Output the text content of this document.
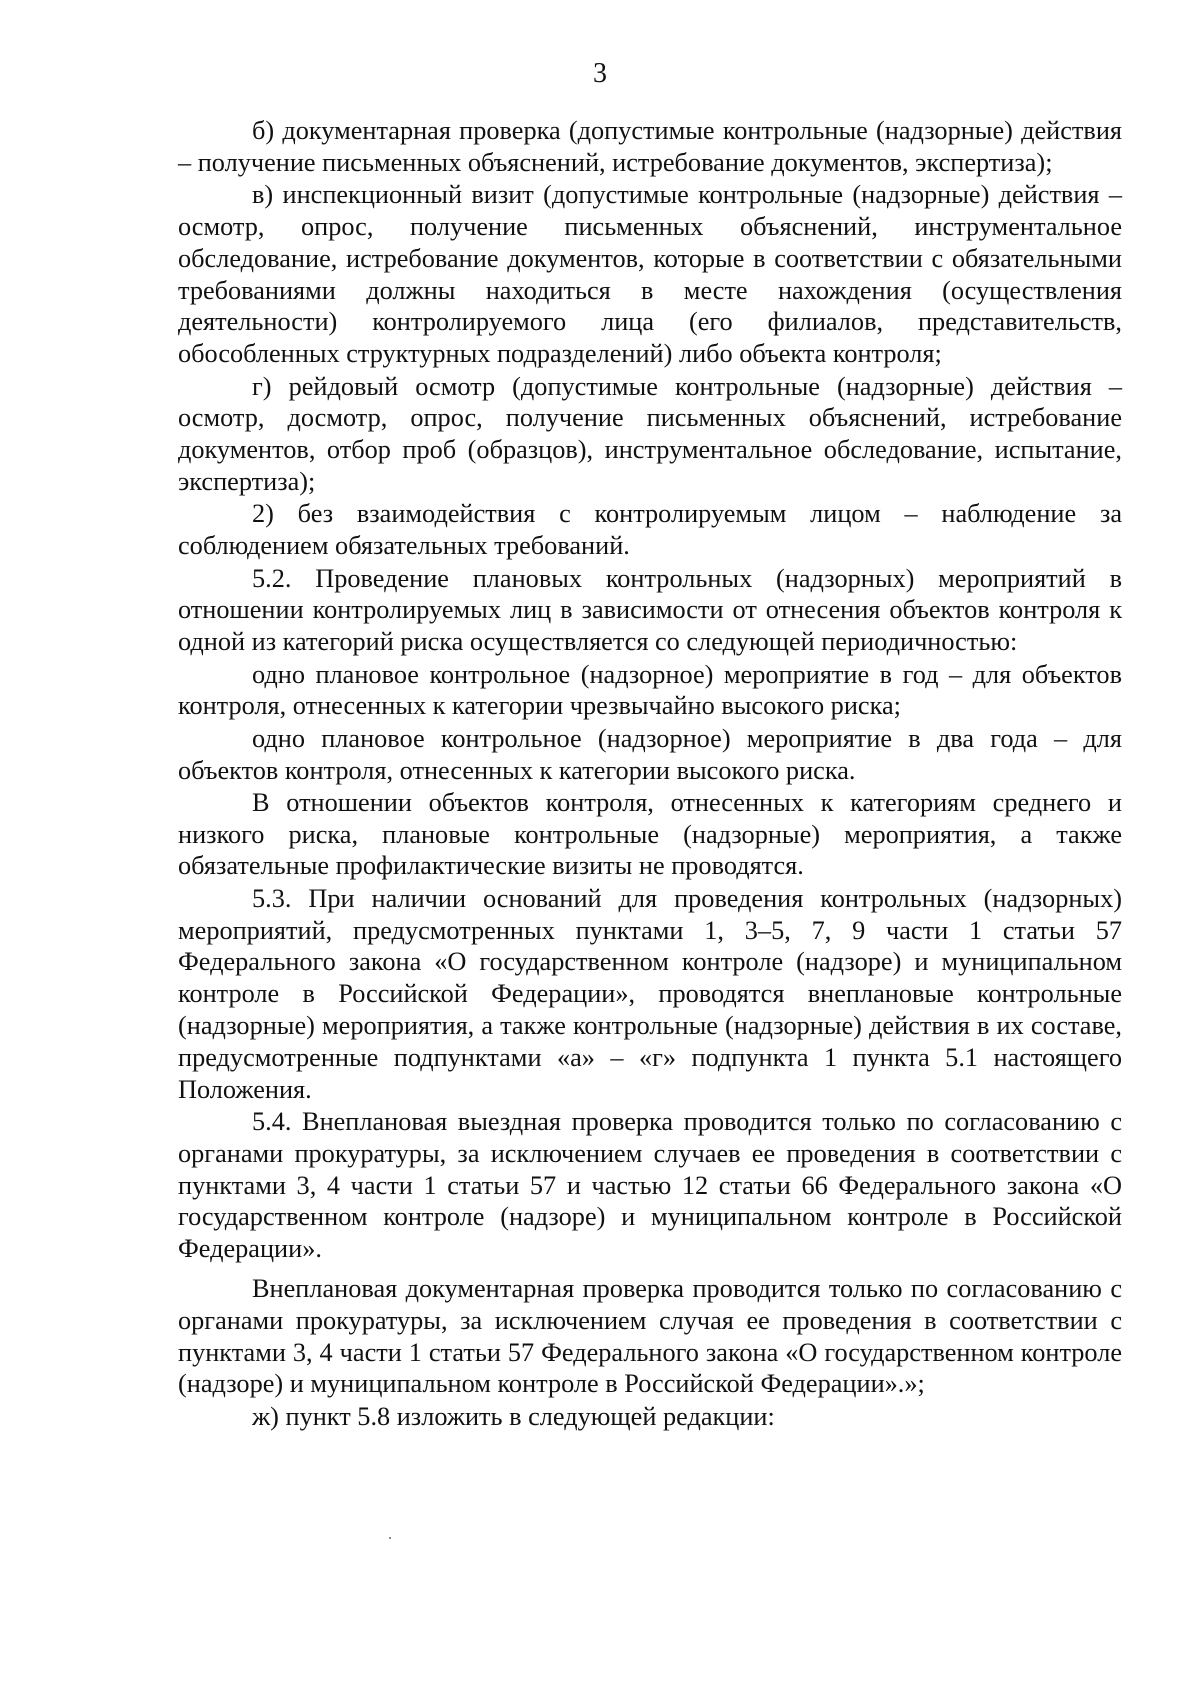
3

б) документарная проверка (допустимые контрольные (надзорные) действия – получение письменных объяснений, истребование документов, экспертиза);

в) инспекционный визит (допустимые контрольные (надзорные) действия – осмотр, опрос, получение письменных объяснений, инструментальное обследование, истребование документов, которые в соответствии с обязательными требованиями должны находиться в месте нахождения (осуществления деятельности) контролируемого лица (его филиалов, представительств, обособленных структурных подразделений) либо объекта контроля;

г) рейдовый осмотр (допустимые контрольные (надзорные) действия – осмотр, досмотр, опрос, получение письменных объяснений, истребование документов, отбор проб (образцов), инструментальное обследование, испытание, экспертиза);

2) без взаимодействия с контролируемым лицом – наблюдение за соблюдением обязательных требований.

5.2. Проведение плановых контрольных (надзорных) мероприятий в отношении контролируемых лиц в зависимости от отнесения объектов контроля к одной из категорий риска осуществляется со следующей периодичностью:

одно плановое контрольное (надзорное) мероприятие в год – для объектов контроля, отнесенных к категории чрезвычайно высокого риска;

одно плановое контрольное (надзорное) мероприятие в два года – для объектов контроля, отнесенных к категории высокого риска.

В отношении объектов контроля, отнесенных к категориям среднего и низкого риска, плановые контрольные (надзорные) мероприятия, а также обязательные профилактические визиты не проводятся.

5.3. При наличии оснований для проведения контрольных (надзорных) мероприятий, предусмотренных пунктами 1, 3–5, 7, 9 части 1 статьи 57 Федерального закона «О государственном контроле (надзоре) и муниципальном контроле в Российской Федерации», проводятся внеплановые контрольные (надзорные) мероприятия, а также контрольные (надзорные) действия в их составе, предусмотренные подпунктами «а» – «г» подпункта 1 пункта 5.1 настоящего Положения.

5.4. Внеплановая выездная проверка проводится только по согласованию с органами прокуратуры, за исключением случаев ее проведения в соответствии с пунктами 3, 4 части 1 статьи 57 и частью 12 статьи 66 Федерального закона «О государственном контроле (надзоре) и муниципальном контроле в Российской Федерации».

Внеплановая документарная проверка проводится только по согласованию с органами прокуратуры, за исключением случая ее проведения в соответствии с пунктами 3, 4 части 1 статьи 57 Федерального закона «О государственном контроле (надзоре) и муниципальном контроле в Российской Федерации».»;

ж) пункт 5.8 изложить в следующей редакции:
